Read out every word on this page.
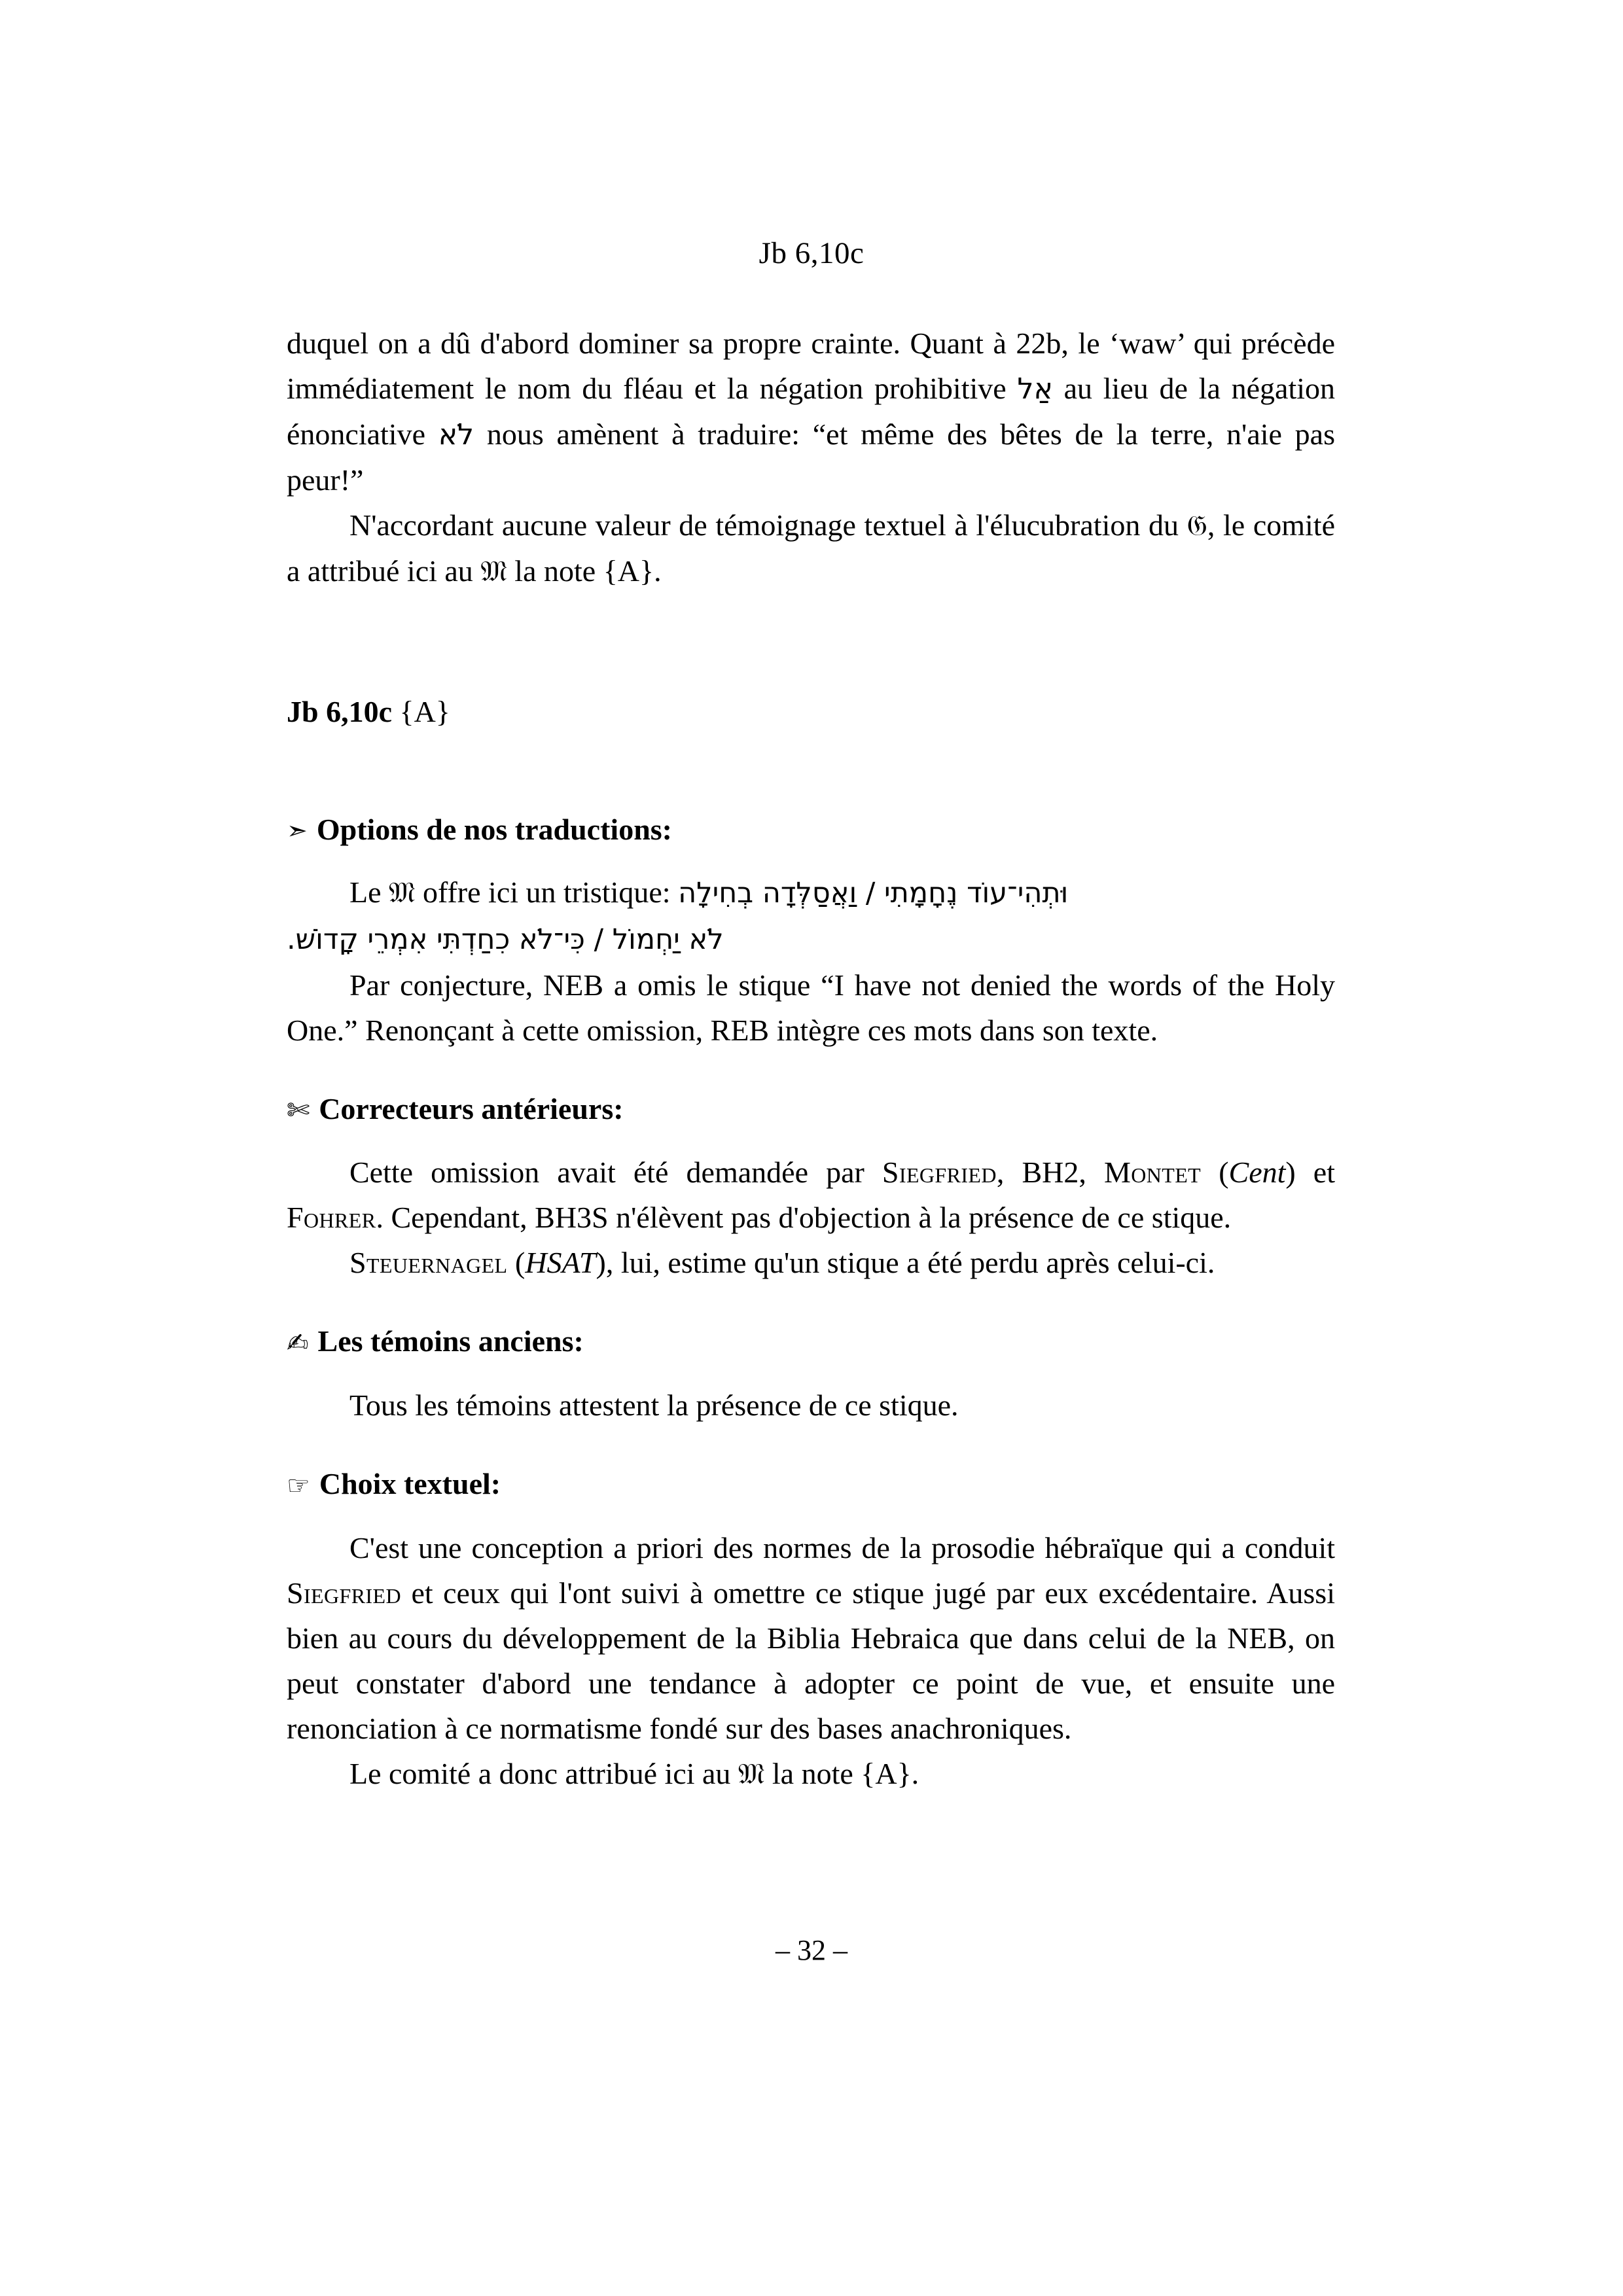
Jb 6,10c
duquel on a dû d'abord dominer sa propre crainte. Quant à 22b, le ‘waw’ qui précède immédiatement le nom du fléau et la négation prohibitive אַל au lieu de la négation énonciative לֹא nous amènent à traduire: “et même des bêtes de la terre, n'aie pas peur!”
N'accordant aucune valeur de témoignage textuel à l'élucubration du 𝔊, le comité a attribué ici au 𝔐 la note {A}.
Jb 6,10c {A}
➣ Options de nos traductions:
Le 𝔐 offre ici un tristique: וּתְהִי־עוֹד נֶחָמָתִי / וַאֲסַלְּדָה בְחִילָה
לֹא יַחְמוֹל / כִּי־לֹא כִחַדְתִּי אִמְרֵי קָדוֹשׁ.
Par conjecture, NEB a omis le stique “I have not denied the words of the Holy One.” Renonçant à cette omission, REB intègre ces mots dans son texte.
✄ Correcteurs antérieurs:
Cette omission avait été demandée par Siegfried, BH2, Montet (Cent) et Fohrer. Cependant, BH3S n'élèvent pas d'objection à la présence de ce stique.
Steuernagel (HSAT), lui, estime qu'un stique a été perdu après celui-ci.
✍ Les témoins anciens:
Tous les témoins attestent la présence de ce stique.
☞ Choix textuel:
C'est une conception a priori des normes de la prosodie hébraïque qui a conduit Siegfried et ceux qui l'ont suivi à omettre ce stique jugé par eux excédentaire. Aussi bien au cours du développement de la Biblia Hebraica que dans celui de la NEB, on peut constater d'abord une tendance à adopter ce point de vue, et ensuite une renonciation à ce normatisme fondé sur des bases anachroniques.
Le comité a donc attribué ici au 𝔐 la note {A}.
– 32 –
